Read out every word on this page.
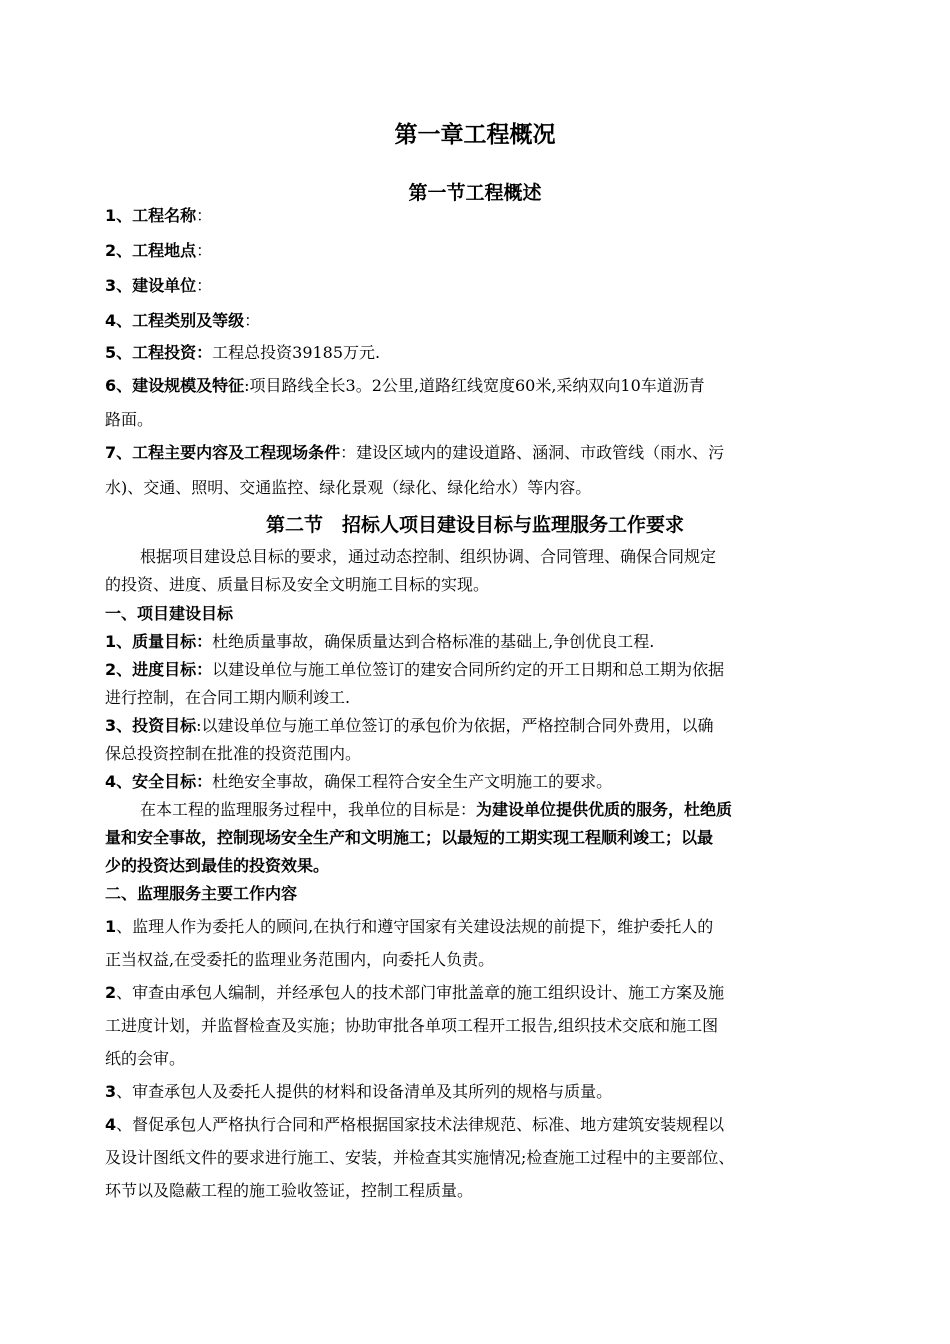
第一章工程概况
第一节工程概述
1、工程名称：
2、工程地点：
3、建设单位：
4、工程类别及等级：
5、工程投资：工程总投资39185万元.
6、建设规模及特征:项目路线全长3。2公里,道路红线宽度60米,采纳双向10车道沥青
路面。
7、工程主要内容及工程现场条件：建设区域内的建设道路、涵洞、市政管线（雨水、污
水)、交通、照明、交通监控、绿化景观（绿化、绿化给水）等内容。
第二节　招标人项目建设目标与监理服务工作要求
根据项目建设总目标的要求，通过动态控制、组织协调、合同管理、确保合同规定
的投资、进度、质量目标及安全文明施工目标的实现。
一、项目建设目标
1、质量目标：杜绝质量事故，确保质量达到合格标准的基础上,争创优良工程.
2、进度目标：以建设单位与施工单位签订的建安合同所约定的开工日期和总工期为依据
进行控制，在合同工期内顺利竣工.
3、投资目标:以建设单位与施工单位签订的承包价为依据，严格控制合同外费用，以确
保总投资控制在批准的投资范围内。
4、安全目标：杜绝安全事故，确保工程符合安全生产文明施工的要求。
在本工程的监理服务过程中，我单位的目标是：为建设单位提供优质的服务，杜绝质
量和安全事故，控制现场安全生产和文明施工；以最短的工期实现工程顺利竣工；以最
少的投资达到最佳的投资效果。
二、监理服务主要工作内容
1、监理人作为委托人的顾问,在执行和遵守国家有关建设法规的前提下，维护委托人的
正当权益,在受委托的监理业务范围内，向委托人负责。
2、审查由承包人编制，并经承包人的技术部门审批盖章的施工组织设计、施工方案及施
工进度计划，并监督检查及实施；协助审批各单项工程开工报告,组织技术交底和施工图
纸的会审。
3、审查承包人及委托人提供的材料和设备清单及其所列的规格与质量。
4、督促承包人严格执行合同和严格根据国家技术法律规范、标准、地方建筑安装规程以
及设计图纸文件的要求进行施工、安装，并检查其实施情况;检查施工过程中的主要部位、
环节以及隐蔽工程的施工验收签证，控制工程质量。
